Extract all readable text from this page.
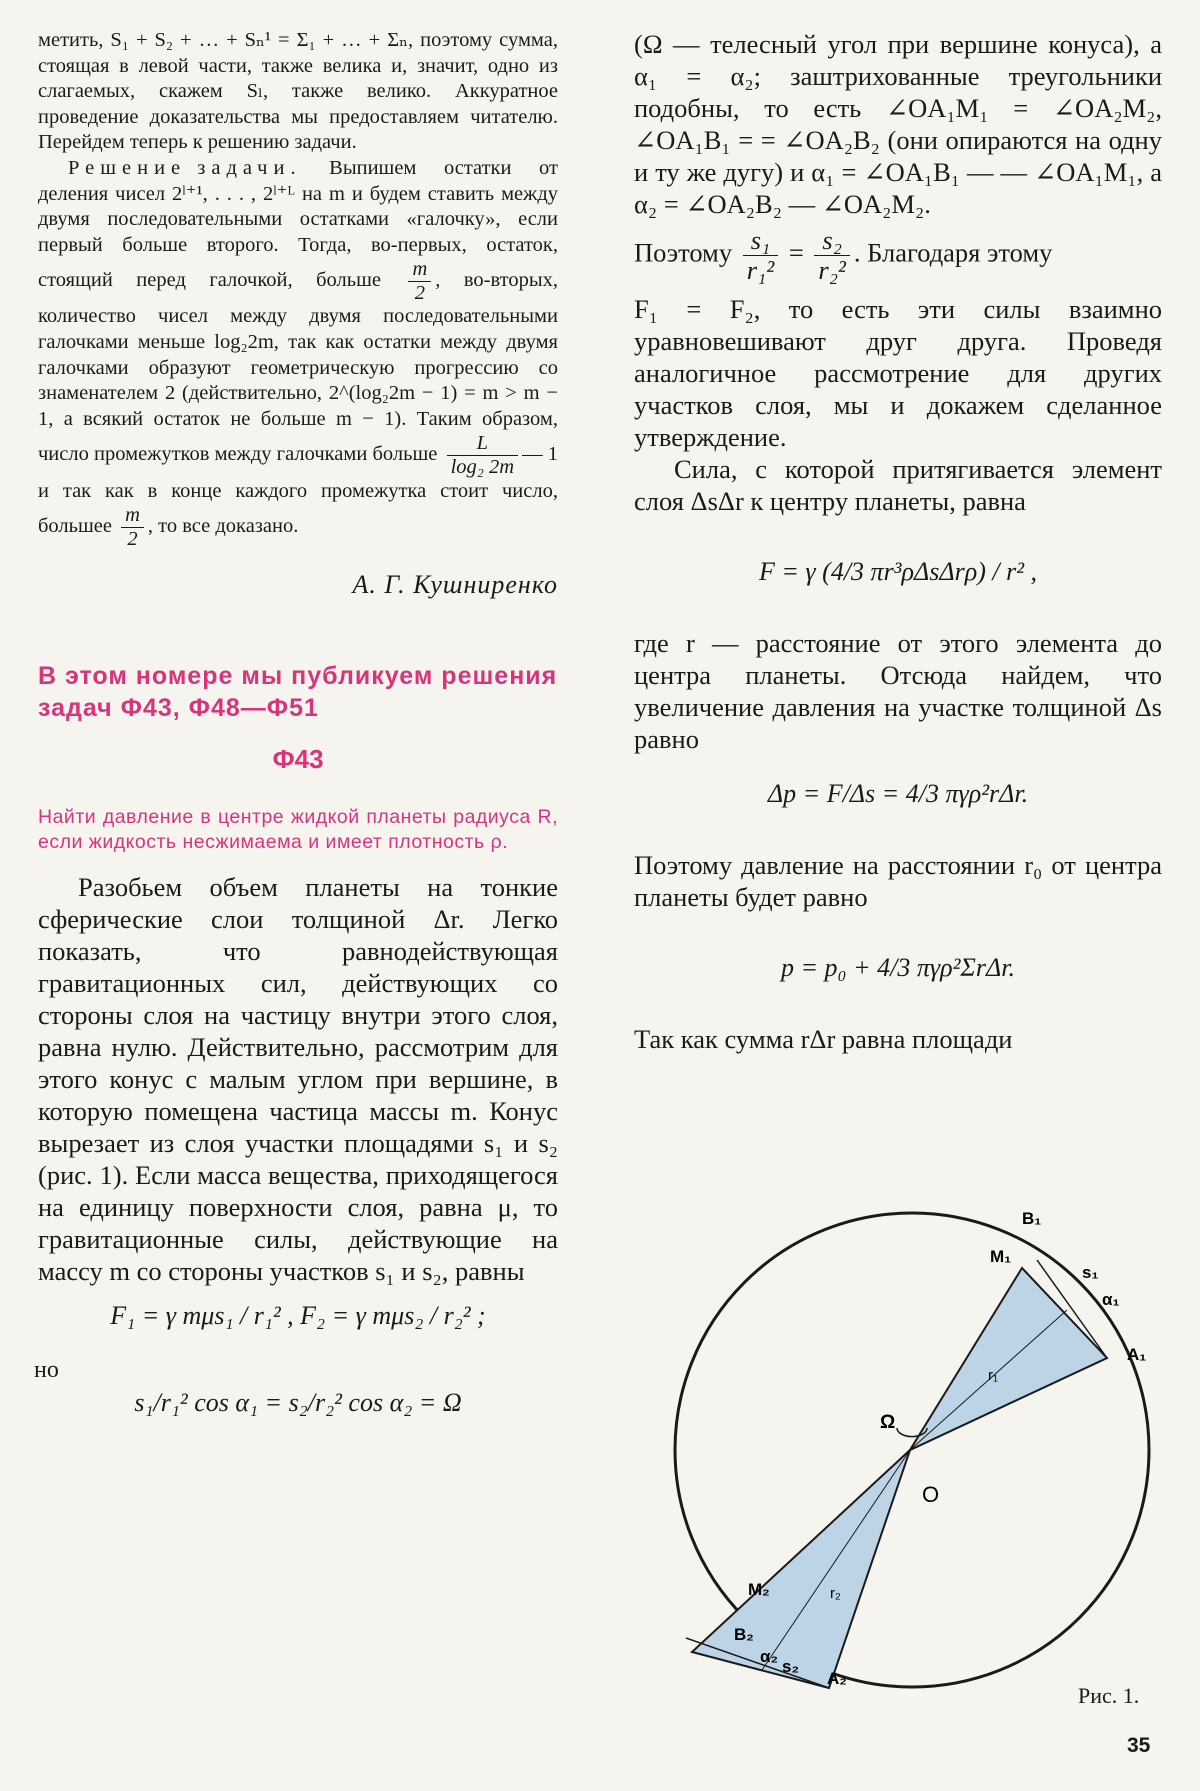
метить, S₁ + S₂ + … + Sₙ¹ = Σ₁ + … + Σₙ, поэтому сумма, стоящая в левой части, также велика и, значит, одно из слагаемых, скажем Sₗ, также велико. Аккуратное проведение доказательства мы предоставляем читателю. Перейдем теперь к решению задачи.

Решение задачи. Выпишем остатки от деления чисел 2ˡ⁺¹, . . . , 2ˡ⁺ᴸ на m и будем ставить между двумя последовательными остатками «галочку», если первый больше второго. Тогда, во-первых, остаток, стоящий перед галочкой, больше $\frac{m}{2}$ , во-вторых, количество чисел между двумя последовательными галочками меньше log₂2m, так как остатки между двумя галочками образуют геометрическую прогрессию со знаменателем 2 (действительно, 2^(log₂2m − 1) = m > m − 1, а всякий остаток не больше m − 1). Таким образом, число промежутков между галочками больше $\frac{L}{\text{log₂ 2m}}$ — 1 и так как в конце каждого промежутка стоит число, большее $\frac{m}{2}$ , то все доказано.

А. Г. Кушниренко
В этом номере мы публикуем решения задач Ф43, Ф48—Ф51
Ф43
Найти давление в центре жидкой планеты радиуса R, если жидкость несжимаема и имеет плотность ρ.

Разобьем объем планеты на тонкие сферические слои толщиной Δr. Легко показать, что равнодействующая гравитационных сил, действующих со стороны слоя на частицу внутри этого слоя, равна нулю. Действительно, рассмотрим для этого конус с малым углом при вершине, в которую помещена частица массы m. Конус вырезает из слоя участки площадями s₁ и s₂ (рис. 1). Если масса вещества, приходящегося на единицу поверхности слоя, равна μ, то гравитационные силы, действующие на массу m со стороны участков s₁ и s₂, равны

F₁ = γ mμs₁ / r₁² , F₂ = γ mμs₂ / r₂² ;
но
s₁/r₁² cos α₁ = s₂/r₂² cos α₂ = Ω

(Ω — телесный угол при вершине конуса), а α₁ = α₂; заштрихованные треугольники подобны, то есть ∠OA₁M₁ = ∠OA₂M₂, ∠OA₁B₁ = = ∠OA₂B₂ (они опираются на одну и ту же дугу) и α₁ = ∠OA₁B₁ — — ∠OA₁M₁, а α₂ = ∠OA₂B₂ — ∠OA₂M₂.

Поэтому $\frac{\text{s₁}}{\text{r₁²}} = \frac{\text{s₂}}{\text{r₂²}}$ . Благодаря этому

F₁ = F₂, то есть эти силы взаимно уравновешивают друг друга. Проведя аналогичное рассмотрение для других участков слоя, мы и докажем сделанное утверждение.

Сила, с которой притягивается элемент слоя ΔsΔr к центру планеты, равна

F = γ (4/3 πr³ρΔsΔrρ) / r² ,

где r — расстояние от этого элемента до центра планеты. Отсюда найдем, что увеличение давления на участке толщиной Δs равно

Δp = F/Δs = 4/3 πγρ²rΔr.

Поэтому давление на расстоянии r₀ от центра планеты будет равно

p = p₀ + 4/3 πγρ²ΣrΔr.

Так как сумма rΔr равна площади

B₁
M₁
s₁
α₁
A₁
Ω
r₁
O
M₂	r₂
B₂
α₂
s₂
A₂
Рис. 1.
35
